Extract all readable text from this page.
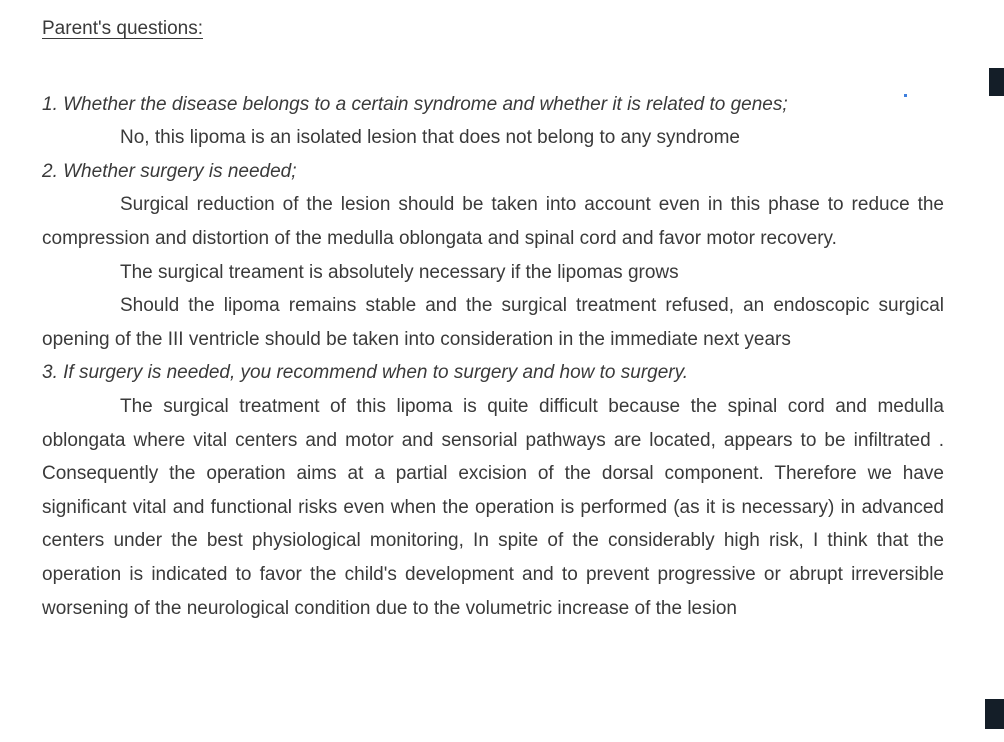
Parent's questions:

1. Whether the disease belongs to a certain syndrome and whether it is related to genes;

No, this lipoma is an isolated lesion that does not belong to any syndrome

2. Whether surgery is needed;

Surgical reduction of the lesion should be taken into account even in this phase to reduce the compression and distortion of the medulla oblongata and spinal cord and favor motor recovery.

The surgical treament is absolutely necessary if the lipomas grows

Should the lipoma remains stable and the surgical treatment refused, an endoscopic surgical opening of the III ventricle should be taken into consideration in the immediate next years

3. If surgery is needed, you recommend when to surgery and how to surgery.

The surgical treatment of this lipoma is quite difficult because the spinal cord and medulla oblongata where vital centers and motor and sensorial pathways are located, appears to be infiltrated . Consequently the operation aims at a partial excision of the dorsal component. Therefore we have significant vital and functional risks even when the operation is performed (as it is necessary) in advanced centers under the best physiological monitoring, In spite of the considerably high risk, I think that the operation is indicated to favor the child's development and to prevent progressive or abrupt irreversible worsening of the neurological condition due to the volumetric increase of the lesion
